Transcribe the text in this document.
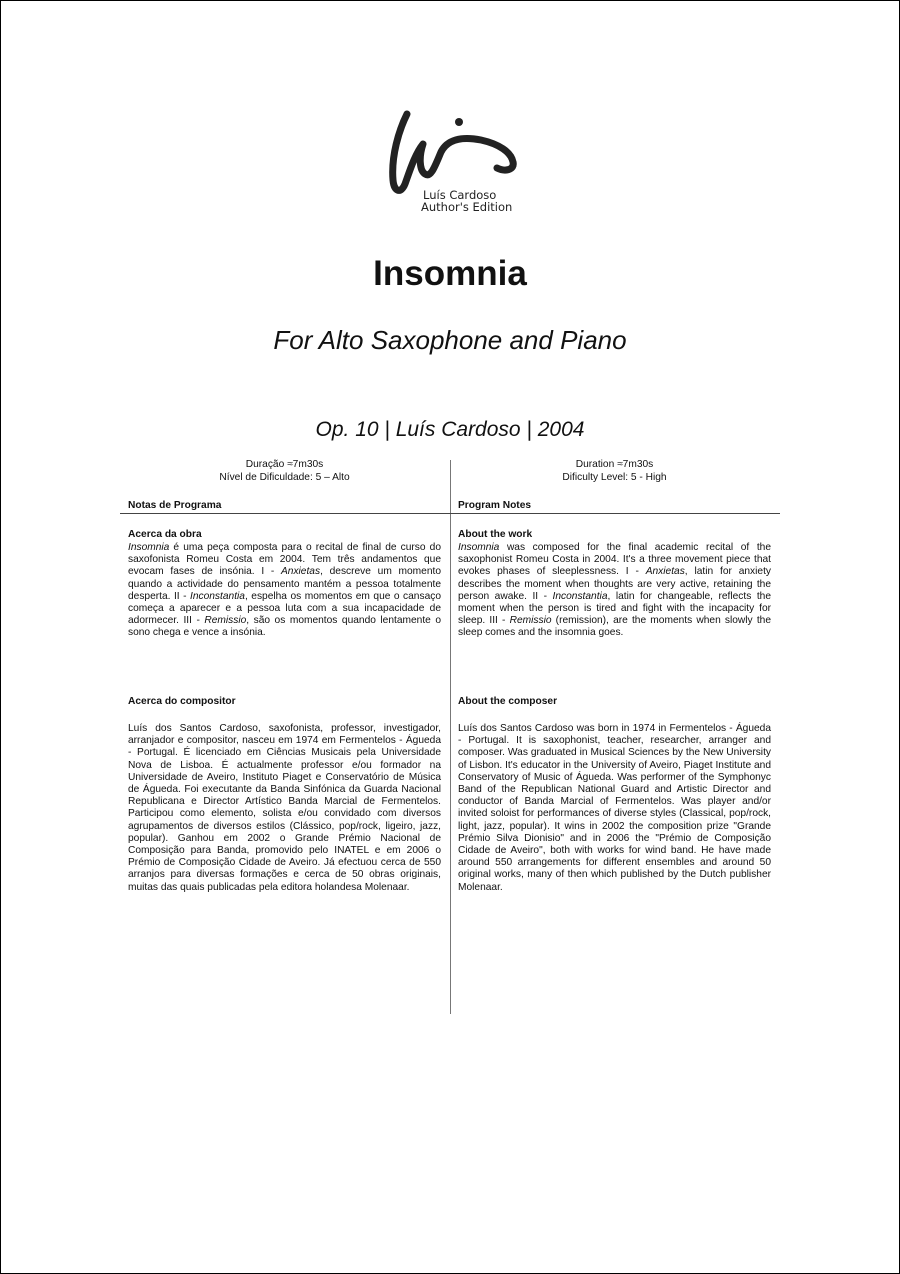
Luís Cardoso
Author's Edition
Insomnia
For Alto Saxophone and Piano
Op. 10 | Luís Cardoso | 2004
Duração ≈7m30s
Nível de Dificuldade: 5 – Alto
Duration ≈7m30s
Dificulty Level: 5 - High
Notas de Programa
Acerca da obra

Insomnia é uma peça composta para o recital de final de curso do saxofonista Romeu Costa em 2004. Tem três andamentos que evocam fases de insónia. I - Anxietas, descreve um momento quando a actividade do pensamento mantém a pessoa totalmente desperta. II - Inconstantia, espelha os momentos em que o cansaço começa a aparecer e a pessoa luta com a sua incapacidade de adormecer. III - Remissio, são os momentos quando lentamente o sono chega e vence a insónia.

Acerca do compositor

Luís dos Santos Cardoso, saxofonista, professor, investigador, arranjador e compositor, nasceu em 1974 em Fermentelos - Águeda - Portugal. É licenciado em Ciências Musicais pela Universidade Nova de Lisboa. É actualmente professor e/ou formador na Universidade de Aveiro, Instituto Piaget e Conservatório de Música de Águeda. Foi executante da Banda Sinfónica da Guarda Nacional Republicana e Director Artístico Banda Marcial de Fermentelos. Participou como elemento, solista e/ou convidado com diversos agrupamentos de diversos estilos (Clássico, pop/rock, ligeiro, jazz, popular). Ganhou em 2002 o Grande Prémio Nacional de Composição para Banda, promovido pelo INATEL e em 2006 o Prémio de Composição Cidade de Aveiro. Já efectuou cerca de 550 arranjos para diversas formações e cerca de 50 obras originais, muitas das quais publicadas pela editora holandesa Molenaar.

Program Notes
About the work

Insomnia was composed for the final academic recital of the saxophonist Romeu Costa in 2004. It's a three movement piece that evokes phases of sleeplessness. I - Anxietas, latin for anxiety describes the moment when thoughts are very active, retaining the person awake. II - Inconstantia, latin for changeable, reflects the moment when the person is tired and fight with the incapacity for sleep. III - Remissio (remission), are the moments when slowly the sleep comes and the insomnia goes.

About the composer

Luís dos Santos Cardoso was born in 1974 in Fermentelos - Águeda - Portugal. It is saxophonist, teacher, researcher, arranger and composer. Was graduated in Musical Sciences by the New University of Lisbon. It's educator in the University of Aveiro, Piaget Institute and Conservatory of Music of Águeda. Was performer of the Symphonyc Band of the Republican National Guard and Artistic Director and conductor of Banda Marcial of Fermentelos. Was player and/or invited soloist for performances of diverse styles (Classical, pop/rock, light, jazz, popular). It wins in 2002 the composition prize "Grande Prémio Silva Dionisio" and in 2006 the "Prémio de Composição Cidade de Aveiro", both with works for wind band. He have made around 550 arrangements for different ensembles and around 50 original works, many of then which published by the Dutch publisher Molenaar.
